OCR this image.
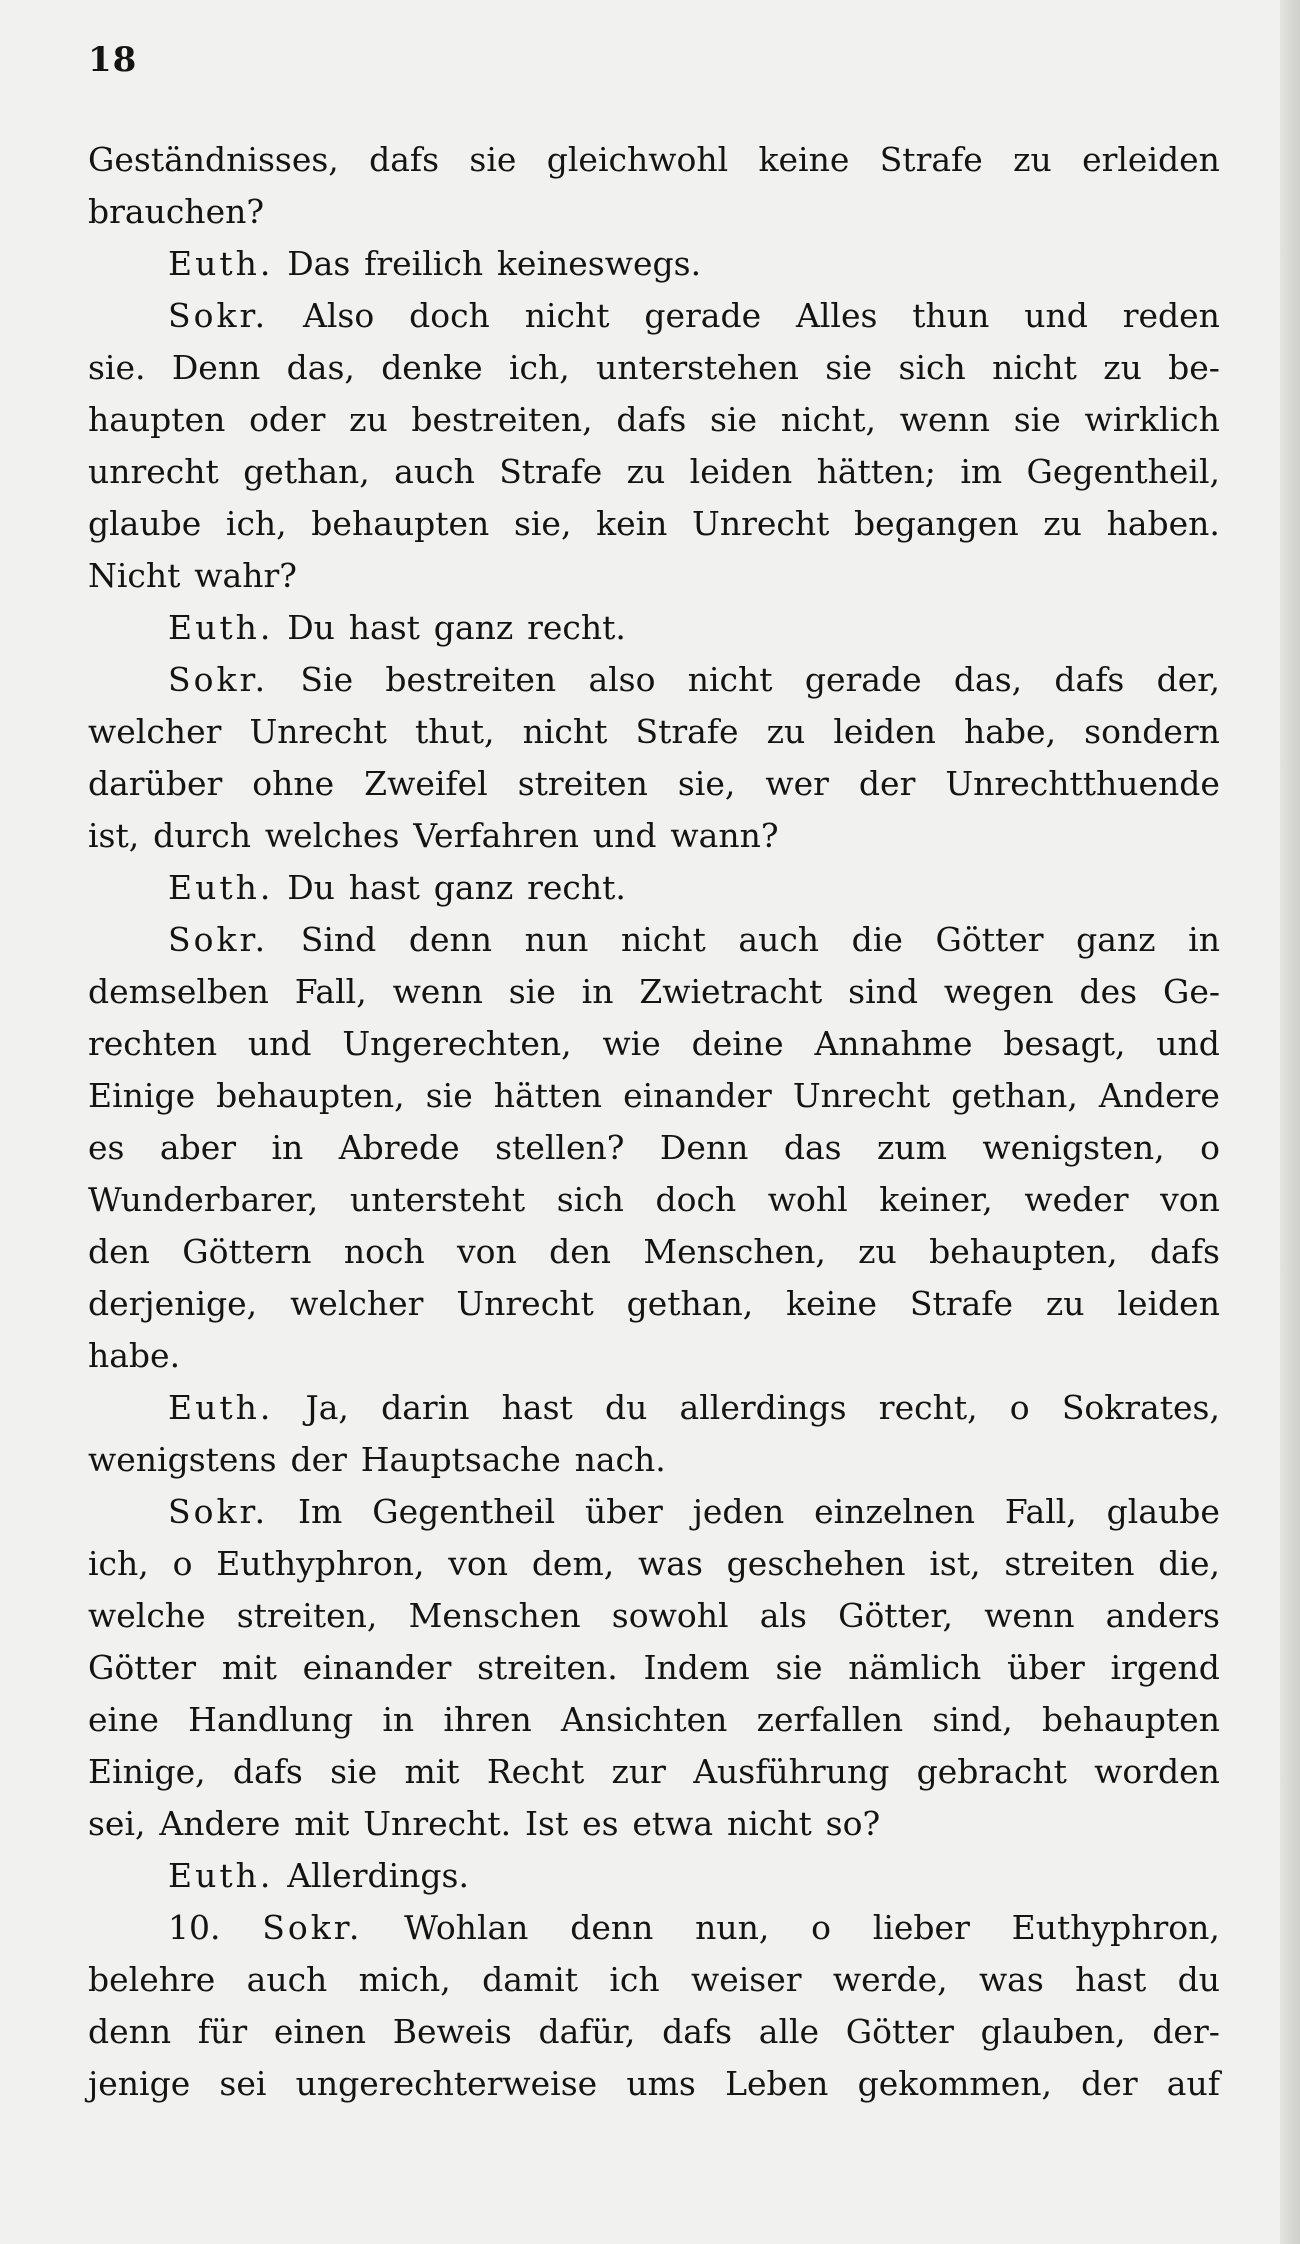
18
Geständnisses, dafs sie gleichwohl keine Strafe zu erleiden
brauchen?
Euth. Das freilich keineswegs.
Sokr. Also doch nicht gerade Alles thun und reden
sie. Denn das, denke ich, unterstehen sie sich nicht zu be-
haupten oder zu bestreiten, dafs sie nicht, wenn sie wirklich
unrecht gethan, auch Strafe zu leiden hätten; im Gegentheil,
glaube ich, behaupten sie, kein Unrecht begangen zu haben.
Nicht wahr?
Euth. Du hast ganz recht.
Sokr. Sie bestreiten also nicht gerade das, dafs der,
welcher Unrecht thut, nicht Strafe zu leiden habe, sondern
darüber ohne Zweifel streiten sie, wer der Unrechtthuende
ist, durch welches Verfahren und wann?
Euth. Du hast ganz recht.
Sokr. Sind denn nun nicht auch die Götter ganz in
demselben Fall, wenn sie in Zwietracht sind wegen des Ge-
rechten und Ungerechten, wie deine Annahme besagt, und
Einige behaupten, sie hätten einander Unrecht gethan, Andere
es aber in Abrede stellen? Denn das zum wenigsten, o
Wunderbarer, untersteht sich doch wohl keiner, weder von
den Göttern noch von den Menschen, zu behaupten, dafs
derjenige, welcher Unrecht gethan, keine Strafe zu leiden
habe.
Euth. Ja, darin hast du allerdings recht, o Sokrates,
wenigstens der Hauptsache nach.
Sokr. Im Gegentheil über jeden einzelnen Fall, glaube
ich, o Euthyphron, von dem, was geschehen ist, streiten die,
welche streiten, Menschen sowohl als Götter, wenn anders
Götter mit einander streiten. Indem sie nämlich über irgend
eine Handlung in ihren Ansichten zerfallen sind, behaupten
Einige, dafs sie mit Recht zur Ausführung gebracht worden
sei, Andere mit Unrecht. Ist es etwa nicht so?
Euth. Allerdings.
10. Sokr. Wohlan denn nun, o lieber Euthyphron,
belehre auch mich, damit ich weiser werde, was hast du
denn für einen Beweis dafür, dafs alle Götter glauben, der-
jenige sei ungerechterweise ums Leben gekommen, der auf
